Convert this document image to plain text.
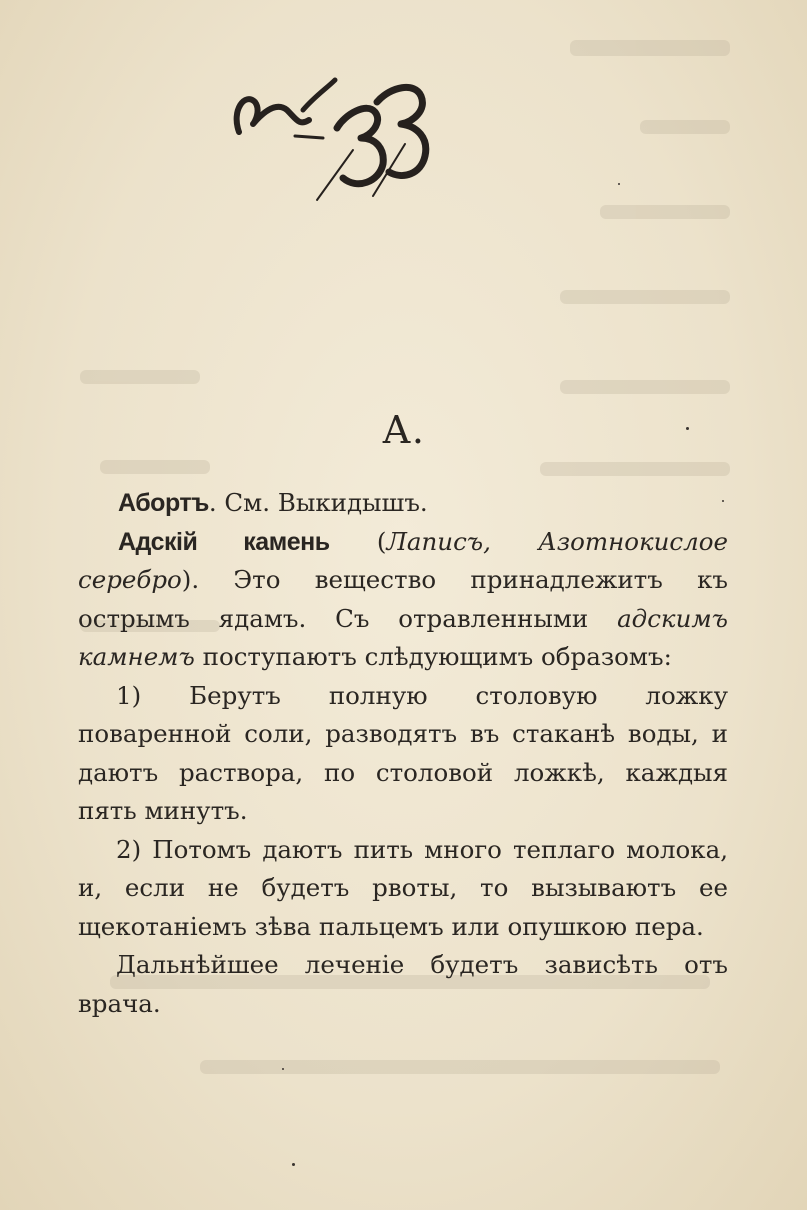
А.

Абортъ. См. Выкидышъ.

Адскій камень (Лаписъ, Азотнокислое серебро). Это вещество принадлежитъ къ острымъ ядамъ. Съ отравленными адскимъ камнемъ поступаютъ слѣдующимъ образомъ:

1) Берутъ полную столовую ложку поваренной соли, разводятъ въ стаканѣ воды, и даютъ раствора, по столовой ложкѣ, каждыя пять минутъ.

2) Потомъ даютъ пить много теплаго молока, и, если не будетъ рвоты, то вызываютъ ее щекотаніемъ зѣва пальцемъ или опушкою пера.

Дальнѣйшее леченіе будетъ зависѣть отъ врача.
